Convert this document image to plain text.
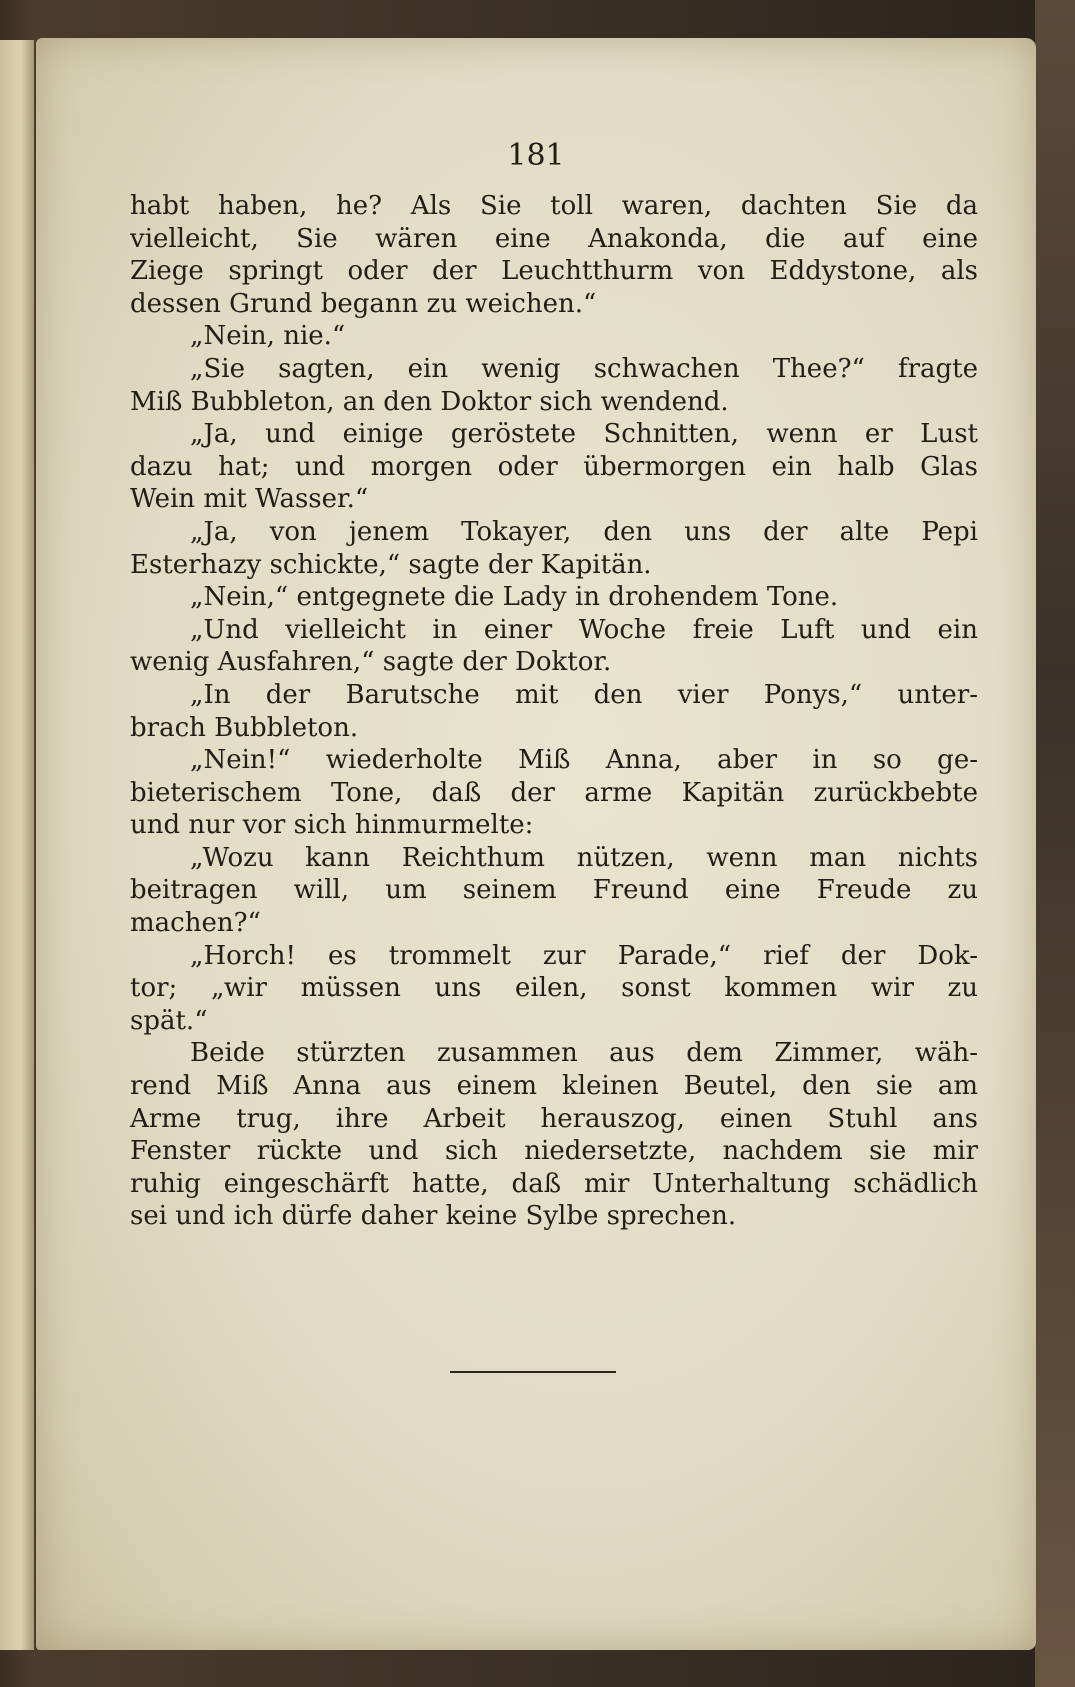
181
habt haben, he? Als Sie toll waren, dachten Sie da
vielleicht, Sie wären eine Anakonda, die auf eine
Ziege springt oder der Leuchtthurm von Eddystone, als
dessen Grund begann zu weichen.“
„Nein, nie.“
„Sie sagten, ein wenig schwachen Thee?“ fragte
Miß Bubbleton, an den Doktor sich wendend.
„Ja, und einige geröstete Schnitten, wenn er Lust
dazu hat; und morgen oder übermorgen ein halb Glas
Wein mit Wasser.“
„Ja, von jenem Tokayer, den uns der alte Pepi
Esterhazy schickte,“ sagte der Kapitän.
„Nein,“ entgegnete die Lady in drohendem Tone.
„Und vielleicht in einer Woche freie Luft und ein
wenig Ausfahren,“ sagte der Doktor.
„In der Barutsche mit den vier Ponys,“ unter-
brach Bubbleton.
„Nein!“ wiederholte Miß Anna, aber in so ge-
bieterischem Tone, daß der arme Kapitän zurückbebte
und nur vor sich hinmurmelte:
„Wozu kann Reichthum nützen, wenn man nichts
beitragen will, um seinem Freund eine Freude zu
machen?“
„Horch! es trommelt zur Parade,“ rief der Dok-
tor; „wir müssen uns eilen, sonst kommen wir zu
spät.“
Beide stürzten zusammen aus dem Zimmer, wäh-
rend Miß Anna aus einem kleinen Beutel, den sie am
Arme trug, ihre Arbeit herauszog, einen Stuhl ans
Fenster rückte und sich niedersetzte, nachdem sie mir
ruhig eingeschärft hatte, daß mir Unterhaltung schädlich
sei und ich dürfe daher keine Sylbe sprechen.
